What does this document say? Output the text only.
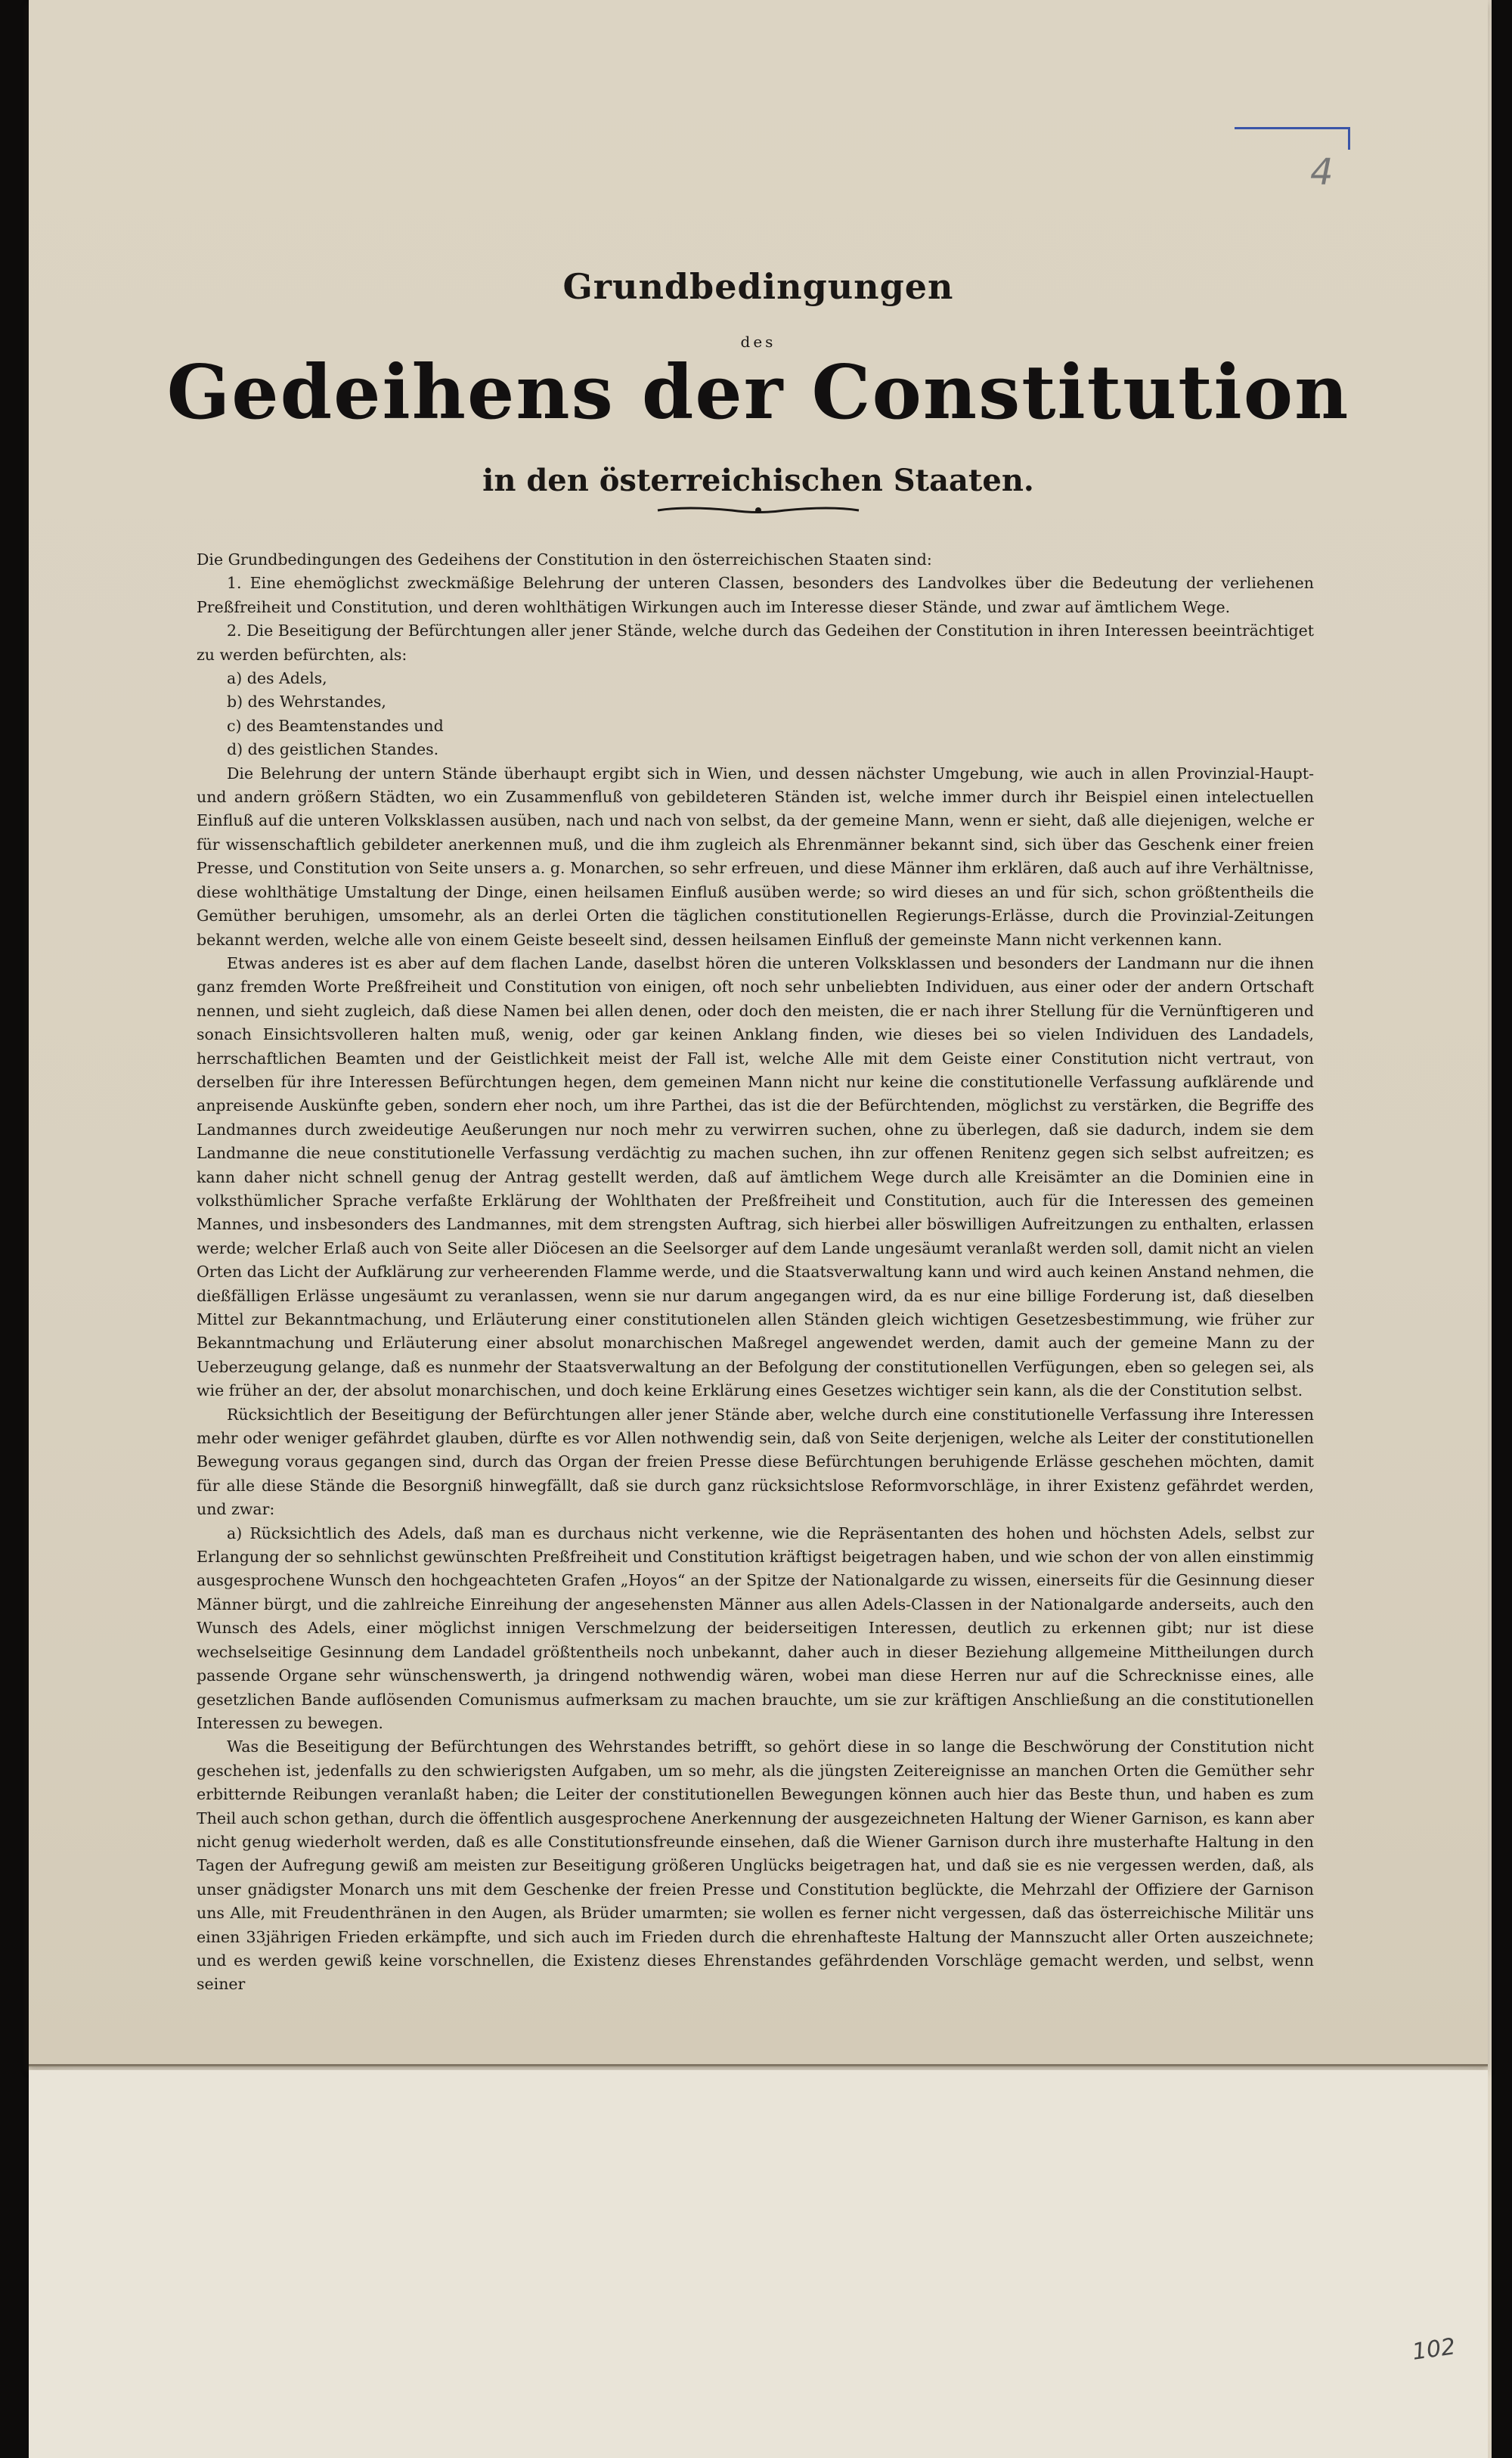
4
Grundbedingungen
des
Gedeihens der Constitution
in den österreichischen Staaten.

Die Grundbedingungen des Gedeihens der Constitution in den österreichischen Staaten sind:

1. Eine ehemöglichst zweckmäßige Belehrung der unteren Classen, besonders des Landvolkes über die Bedeutung der verliehenen Preßfreiheit und Constitution, und deren wohlthätigen Wirkungen auch im Interesse dieser Stände, und zwar auf ämtlichem Wege.

2. Die Beseitigung der Befürchtungen aller jener Stände, welche durch das Gedeihen der Constitution in ihren Interessen beeinträchtiget zu werden befürchten, als:

a) des Adels,

b) des Wehrstandes,

c) des Beamtenstandes und

d) des geistlichen Standes.

Die Belehrung der untern Stände überhaupt ergibt sich in Wien, und dessen nächster Umgebung, wie auch in allen Provinzial-Haupt- und andern größern Städten, wo ein Zusammenfluß von gebildeteren Ständen ist, welche immer durch ihr Beispiel einen intelectuellen Einfluß auf die unteren Volksklassen ausüben, nach und nach von selbst, da der gemeine Mann, wenn er sieht, daß alle diejenigen, welche er für wissenschaftlich gebildeter anerkennen muß, und die ihm zugleich als Ehrenmänner bekannt sind, sich über das Geschenk einer freien Presse, und Constitution von Seite unsers a. g. Monarchen, so sehr erfreuen, und diese Männer ihm erklären, daß auch auf ihre Verhältnisse, diese wohlthätige Umstaltung der Dinge, einen heilsamen Einfluß ausüben werde; so wird dieses an und für sich, schon größtentheils die Gemüther beruhigen, umsomehr, als an derlei Orten die täglichen constitutionellen Regierungs-Erlässe, durch die Provinzial-Zeitungen bekannt werden, welche alle von einem Geiste beseelt sind, dessen heilsamen Einfluß der gemeinste Mann nicht verkennen kann.

Etwas anderes ist es aber auf dem flachen Lande, daselbst hören die unteren Volksklassen und besonders der Landmann nur die ihnen ganz fremden Worte Preßfreiheit und Constitution von einigen, oft noch sehr unbeliebten Individuen, aus einer oder der andern Ortschaft nennen, und sieht zugleich, daß diese Namen bei allen denen, oder doch den meisten, die er nach ihrer Stellung für die Vernünftigeren und sonach Einsichtsvolleren halten muß, wenig, oder gar keinen Anklang finden, wie dieses bei so vielen Individuen des Landadels, herrschaftlichen Beamten und der Geistlichkeit meist der Fall ist, welche Alle mit dem Geiste einer Constitution nicht vertraut, von derselben für ihre Interessen Befürchtungen hegen, dem gemeinen Mann nicht nur keine die constitutionelle Verfassung aufklärende und anpreisende Auskünfte geben, sondern eher noch, um ihre Parthei, das ist die der Befürchtenden, möglichst zu verstärken, die Begriffe des Landmannes durch zweideutige Aeußerungen nur noch mehr zu verwirren suchen, ohne zu überlegen, daß sie dadurch, indem sie dem Landmanne die neue constitutionelle Verfassung verdächtig zu machen suchen, ihn zur offenen Renitenz gegen sich selbst aufreitzen; es kann daher nicht schnell genug der Antrag gestellt werden, daß auf ämtlichem Wege durch alle Kreisämter an die Dominien eine in volksthümlicher Sprache verfaßte Erklärung der Wohlthaten der Preßfreiheit und Constitution, auch für die Interessen des gemeinen Mannes, und insbesonders des Landmannes, mit dem strengsten Auftrag, sich hierbei aller böswilligen Aufreitzungen zu enthalten, erlassen werde; welcher Erlaß auch von Seite aller Diöcesen an die Seelsorger auf dem Lande ungesäumt veranlaßt werden soll, damit nicht an vielen Orten das Licht der Aufklärung zur verheerenden Flamme werde, und die Staatsverwaltung kann und wird auch keinen Anstand nehmen, die dießfälligen Erlässe ungesäumt zu veranlassen, wenn sie nur darum angegangen wird, da es nur eine billige Forderung ist, daß dieselben Mittel zur Bekanntmachung, und Erläuterung einer constitutionelen allen Ständen gleich wichtigen Gesetzesbestimmung, wie früher zur Bekanntmachung und Erläuterung einer absolut monarchischen Maßregel angewendet werden, damit auch der gemeine Mann zu der Ueberzeugung gelange, daß es nunmehr der Staatsverwaltung an der Befolgung der constitutionellen Verfügungen, eben so gelegen sei, als wie früher an der, der absolut monarchischen, und doch keine Erklärung eines Gesetzes wichtiger sein kann, als die der Constitution selbst.

Rücksichtlich der Beseitigung der Befürchtungen aller jener Stände aber, welche durch eine constitutionelle Verfassung ihre Interessen mehr oder weniger gefährdet glauben, dürfte es vor Allen nothwendig sein, daß von Seite derjenigen, welche als Leiter der constitutionellen Bewegung voraus gegangen sind, durch das Organ der freien Presse diese Befürchtungen beruhigende Erlässe geschehen möchten, damit für alle diese Stände die Besorgniß hinwegfällt, daß sie durch ganz rücksichtslose Reformvorschläge, in ihrer Existenz gefährdet werden, und zwar:

a) Rücksichtlich des Adels, daß man es durchaus nicht verkenne, wie die Repräsentanten des hohen und höchsten Adels, selbst zur Erlangung der so sehnlichst gewünschten Preßfreiheit und Constitution kräftigst beigetragen haben, und wie schon der von allen einstimmig ausgesprochene Wunsch den hochgeachteten Grafen „Hoyos“ an der Spitze der Nationalgarde zu wissen, einerseits für die Gesinnung dieser Männer bürgt, und die zahlreiche Einreihung der angesehensten Männer aus allen Adels-Classen in der Nationalgarde anderseits, auch den Wunsch des Adels, einer möglichst innigen Verschmelzung der beiderseitigen Interessen, deutlich zu erkennen gibt; nur ist diese wechselseitige Gesinnung dem Landadel größtentheils noch unbekannt, daher auch in dieser Beziehung allgemeine Mittheilungen durch passende Organe sehr wünschenswerth, ja dringend nothwendig wären, wobei man diese Herren nur auf die Schrecknisse eines, alle gesetzlichen Bande auflösenden Comunismus aufmerksam zu machen brauchte, um sie zur kräftigen Anschließung an die constitutionellen Interessen zu bewegen.

Was die Beseitigung der Befürchtungen des Wehrstandes betrifft, so gehört diese in so lange die Beschwörung der Constitution nicht geschehen ist, jedenfalls zu den schwierigsten Aufgaben, um so mehr, als die jüngsten Zeitereignisse an manchen Orten die Gemüther sehr erbitternde Reibungen veranlaßt haben; die Leiter der constitutionellen Bewegungen können auch hier das Beste thun, und haben es zum Theil auch schon gethan, durch die öffentlich ausgesprochene Anerkennung der ausgezeichneten Haltung der Wiener Garnison, es kann aber nicht genug wiederholt werden, daß es alle Constitutionsfreunde einsehen, daß die Wiener Garnison durch ihre musterhafte Haltung in den Tagen der Aufregung gewiß am meisten zur Beseitigung größeren Unglücks beigetragen hat, und daß sie es nie vergessen werden, daß, als unser gnädigster Monarch uns mit dem Geschenke der freien Presse und Constitution beglückte, die Mehrzahl der Offiziere der Garnison uns Alle, mit Freudenthränen in den Augen, als Brüder umarmten; sie wollen es ferner nicht vergessen, daß das österreichische Militär uns einen 33jährigen Frieden erkämpfte, und sich auch im Frieden durch die ehrenhafteste Haltung der Mannszucht aller Orten auszeichnete; und es werden gewiß keine vorschnellen, die Existenz dieses Ehrenstandes gefährdenden Vorschläge gemacht werden, und selbst, wenn seiner

102
